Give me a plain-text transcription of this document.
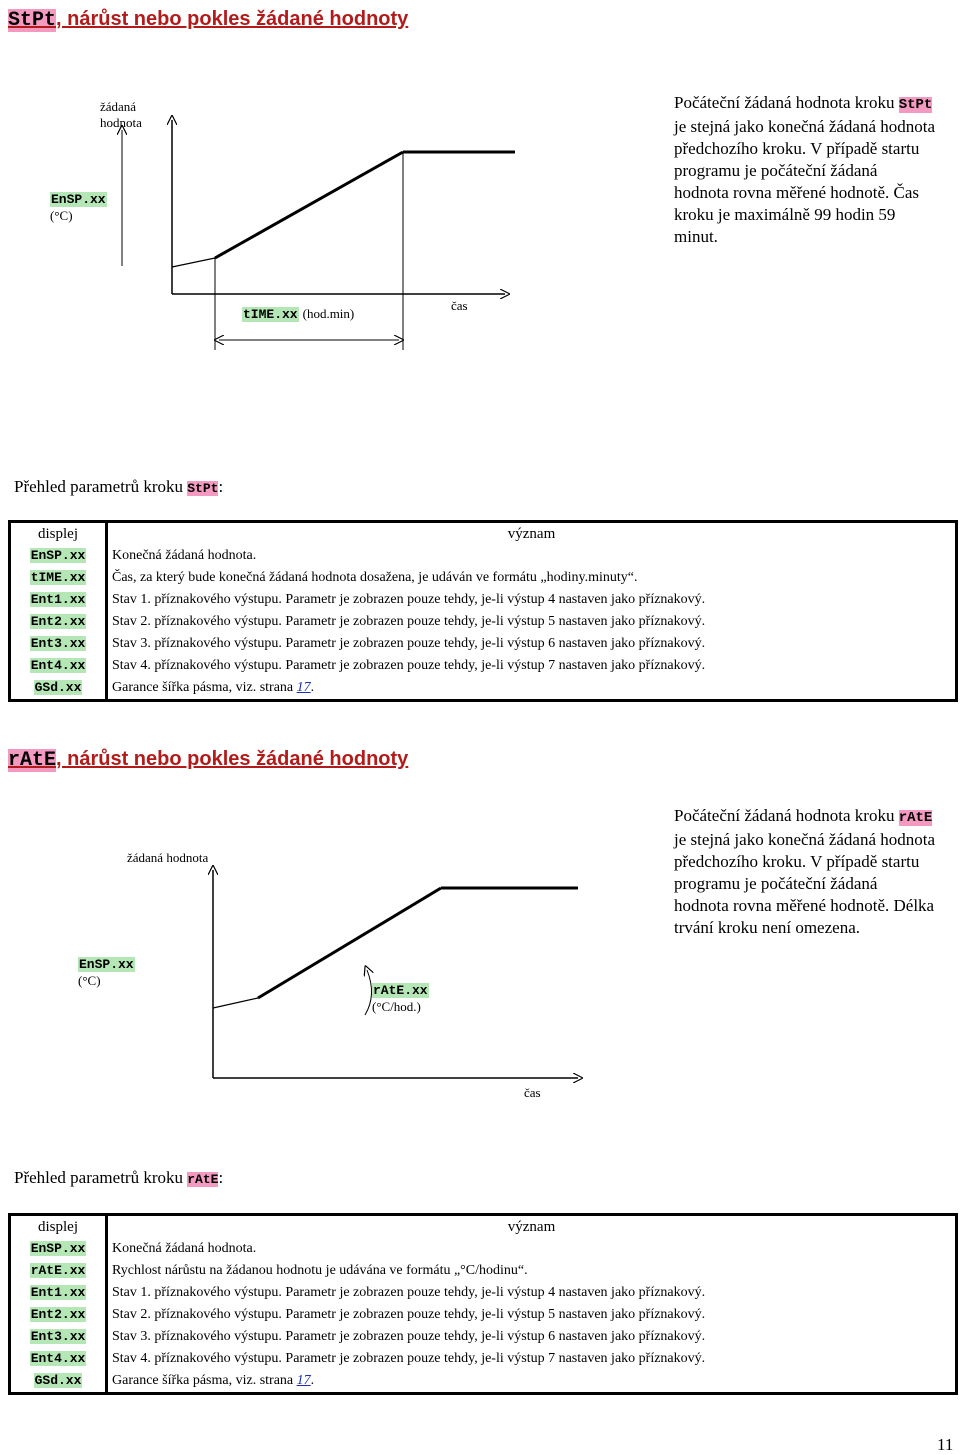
StPt, nárůst nebo pokles žádané hodnoty
žádaná
hodnota
EnSP.xx
(°C)
tIME.xx (hod.min)
čas
Počáteční žádaná hodnota kroku StPt je stejná jako konečná žádaná hodnota předchozího kroku. V případě startu programu je počáteční žádaná hodnota rovna měřené hodnotě. Čas kroku je maximálně 99 hodin 59 minut.
Přehled parametrů kroku StPt:
displej	význam
EnSP.xx	Konečná žádaná hodnota.
tIME.xx	Čas, za který bude konečná žádaná hodnota dosažena, je udáván ve formátu „hodiny.minuty“.
Ent1.xx	Stav 1. příznakového výstupu. Parametr je zobrazen pouze tehdy, je-li výstup 4 nastaven jako příznakový.
Ent2.xx	Stav 2. příznakového výstupu. Parametr je zobrazen pouze tehdy, je-li výstup 5 nastaven jako příznakový.
Ent3.xx	Stav 3. příznakového výstupu. Parametr je zobrazen pouze tehdy, je-li výstup 6 nastaven jako příznakový.
Ent4.xx	Stav 4. příznakového výstupu. Parametr je zobrazen pouze tehdy, je-li výstup 7 nastaven jako příznakový.
GSd.xx	Garance šířka pásma, viz. strana 17.
rAtE, nárůst nebo pokles žádané hodnoty
žádaná hodnota
EnSP.xx
(°C)
rAtE.xx
(°C/hod.)
čas
Počáteční žádaná hodnota kroku rAtE je stejná jako konečná žádaná hodnota předchozího kroku. V případě startu programu je počáteční žádaná hodnota rovna měřené hodnotě. Délka trvání kroku není omezena.
Přehled parametrů kroku rAtE:
displej	význam
EnSP.xx	Konečná žádaná hodnota.
rAtE.xx	Rychlost nárůstu na žádanou hodnotu je udávána ve formátu „°C/hodinu“.
Ent1.xx	Stav 1. příznakového výstupu. Parametr je zobrazen pouze tehdy, je-li výstup 4 nastaven jako příznakový.
Ent2.xx	Stav 2. příznakového výstupu. Parametr je zobrazen pouze tehdy, je-li výstup 5 nastaven jako příznakový.
Ent3.xx	Stav 3. příznakového výstupu. Parametr je zobrazen pouze tehdy, je-li výstup 6 nastaven jako příznakový.
Ent4.xx	Stav 4. příznakového výstupu. Parametr je zobrazen pouze tehdy, je-li výstup 7 nastaven jako příznakový.
GSd.xx	Garance šířka pásma, viz. strana 17.
11
